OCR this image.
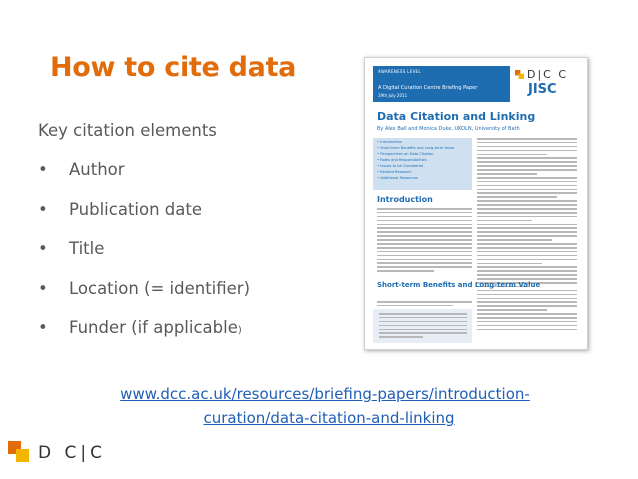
How to cite data
Key citation elements
• Author
• Publication date
• Title
• Location (= identifier)
• Funder (if applicable)
AWARENESS LEVEL
A Digital Curation Centre Briefing Paper
19th July 2011
D|C C
JISC
Data Citation and Linking
By Alex Ball and Monica Duke, UKOLN, University of Bath
• Introduction
• Short-term Benefits and Long-term Value
• Perspectives on Data Citation
• Roles and Responsibilities
• Issues to be Considered
• Related Research
• Additional Resources
Introduction
Short-term Benefits and Long-term Value
www.dcc.ac.uk/resources/briefing-papers/introduction-
curation/data-citation-and-linking
D C|C
